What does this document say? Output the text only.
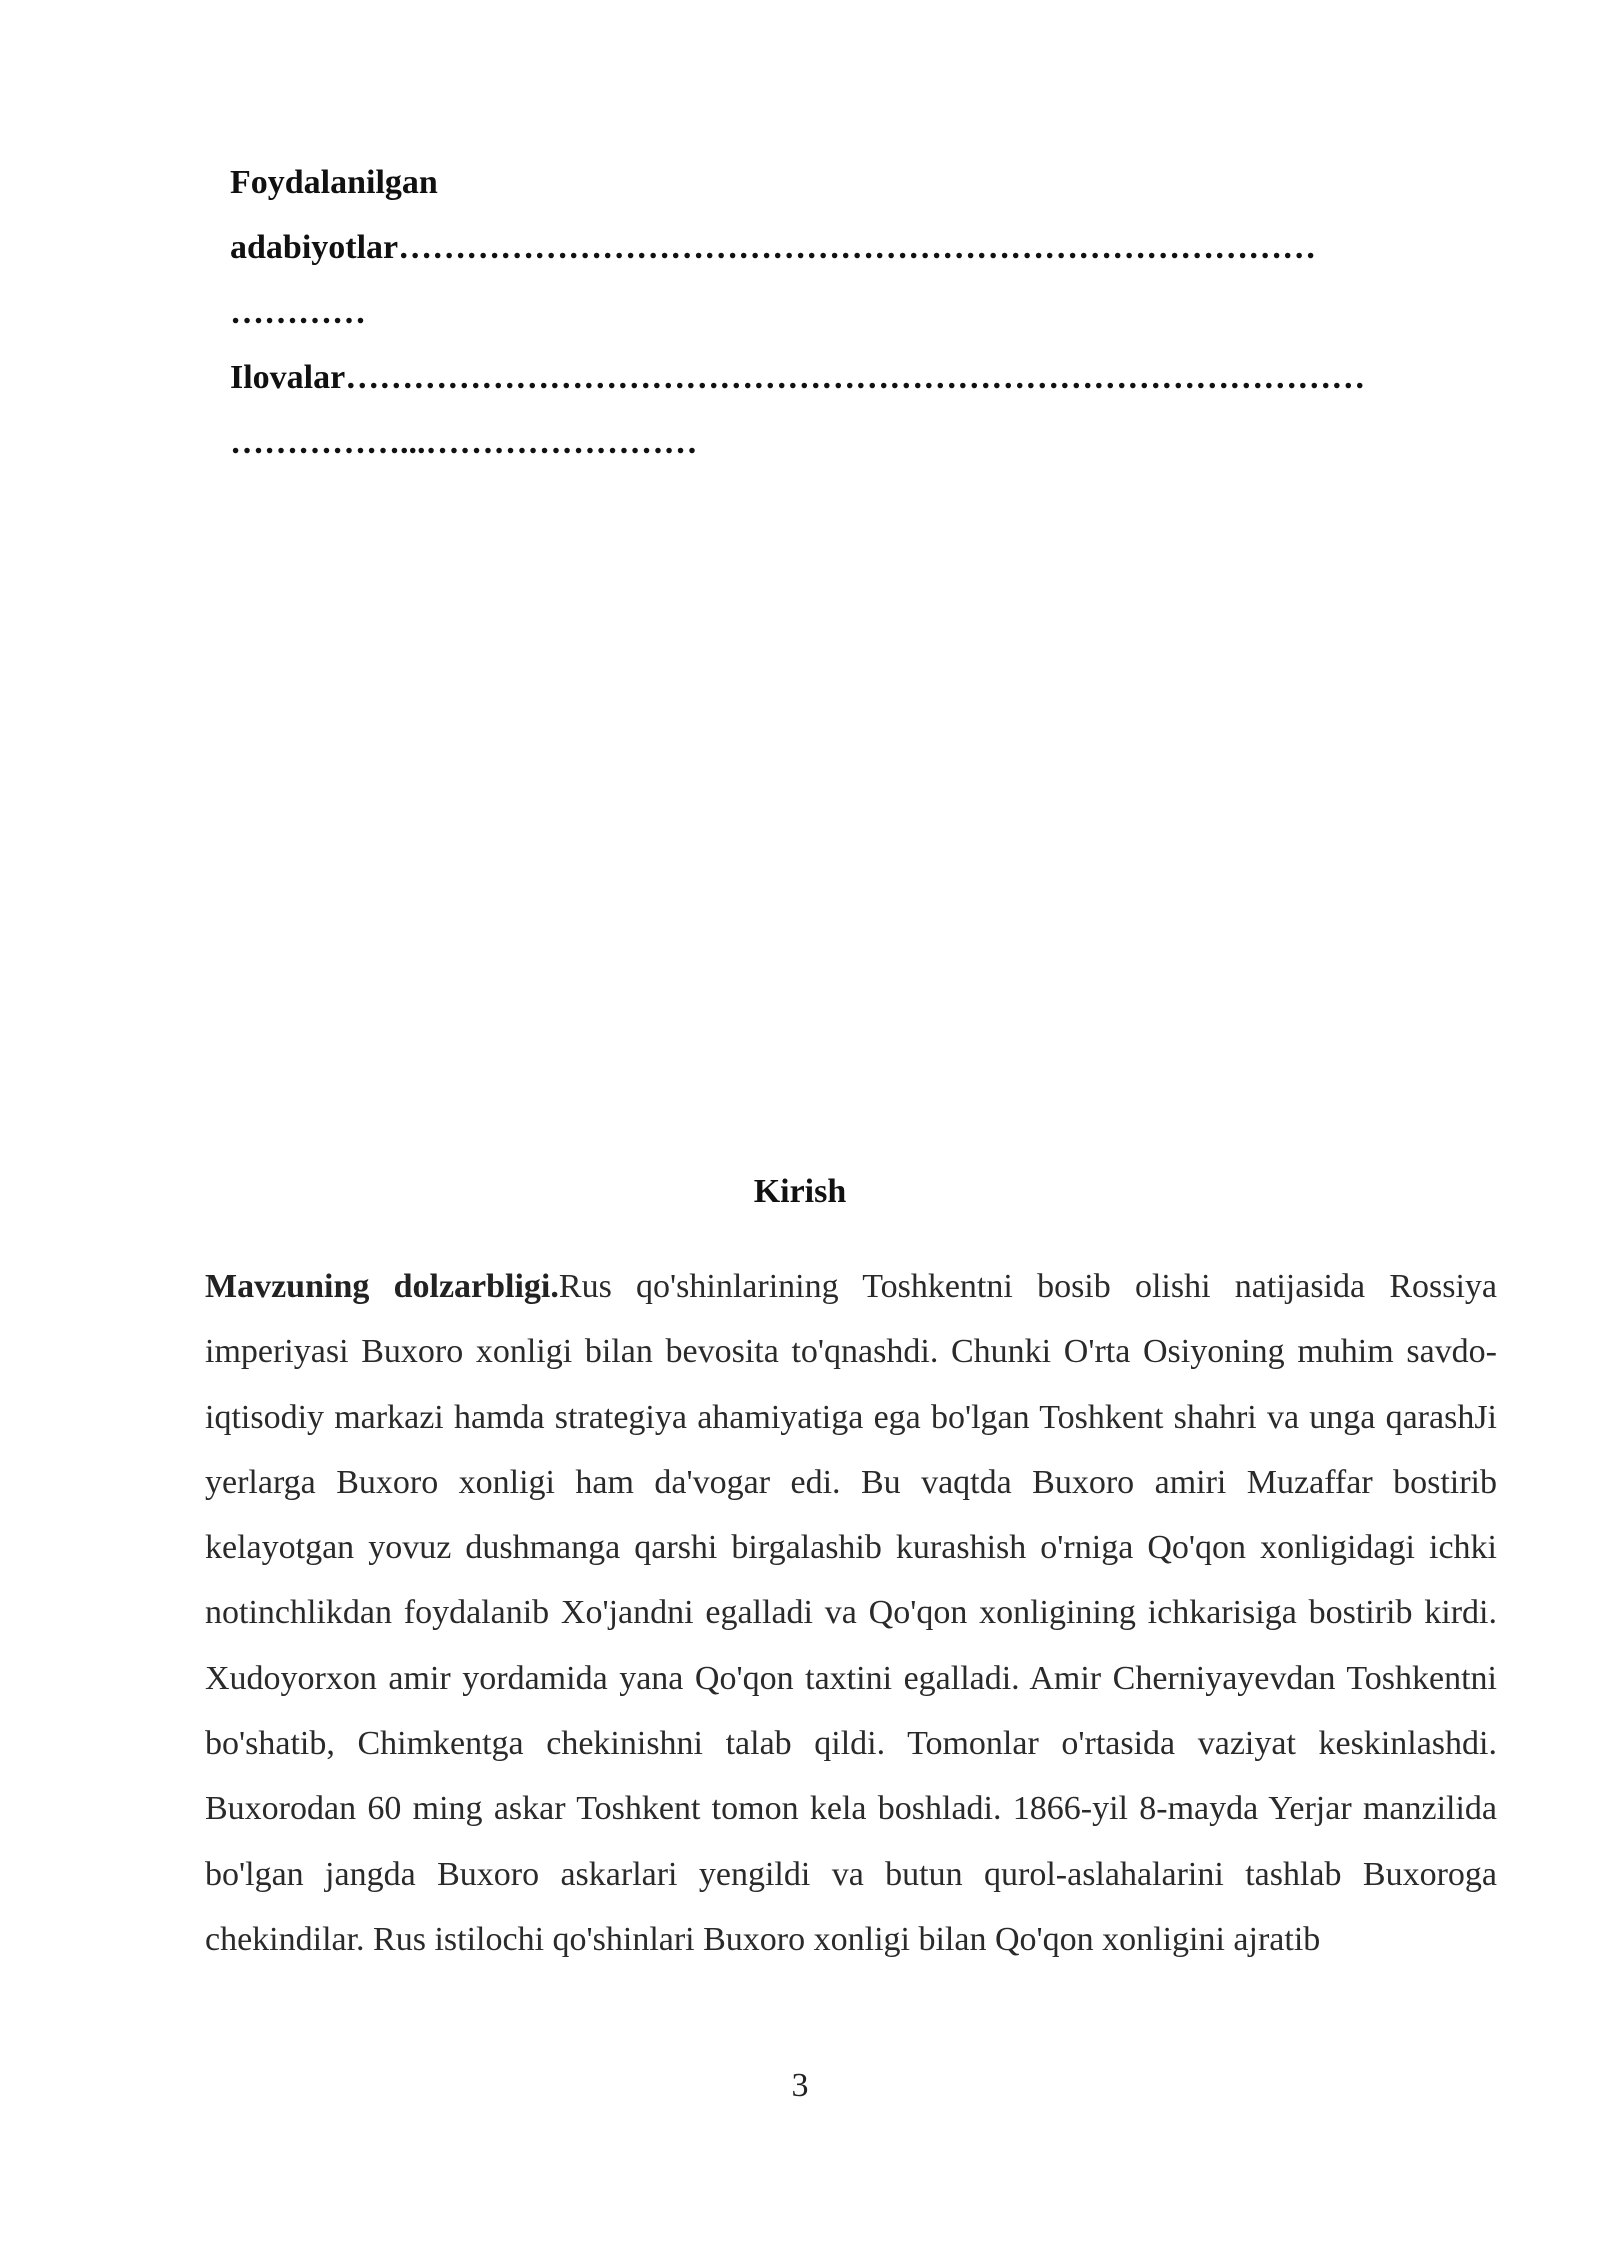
Foydalanilgan
adabiyotlar………………………………………………………………………
…………
Ilovalar………………………………………………………………………………
……………...……………………
Kirish
Mavzuning dolzarbligi.Rus qo'shinlarining Toshkentni bosib olishi natijasida Rossiya imperiyasi Buxoro xonligi bilan bevosita to'qnashdi. Chunki O'rta Osiyoning muhim savdo-iqtisodiy markazi hamda strategiya ahamiyatiga ega bo'lgan Toshkent shahri va unga qarashJi yerlarga Buxoro xonligi ham da'vogar edi. Bu vaqtda Buxoro amiri Muzaffar bostirib kelayotgan yovuz dushmanga qarshi birgalashib kurashish o'rniga Qo'qon xonligidagi ichki notinchlikdan foydalanib Xo'jandni egalladi va Qo'qon xonligining ichkarisiga bostirib kirdi. Xudoyorxon amir yordamida yana Qo'qon taxtini egalladi. Amir Cherniyayevdan Toshkentni bo'shatib, Chimkentga chekinishni talab qildi. Tomonlar o'rtasida vaziyat keskinlashdi. Buxorodan 60 ming askar Toshkent tomon kela boshladi. 1866-yil 8-mayda Yerjar manzilida bo'lgan jangda Buxoro askarlari yengildi va butun qurol-aslahalarini tashlab Buxoroga chekindilar. Rus istilochi qo'shinlari Buxoro xonligi bilan Qo'qon xonligini ajratib
3
